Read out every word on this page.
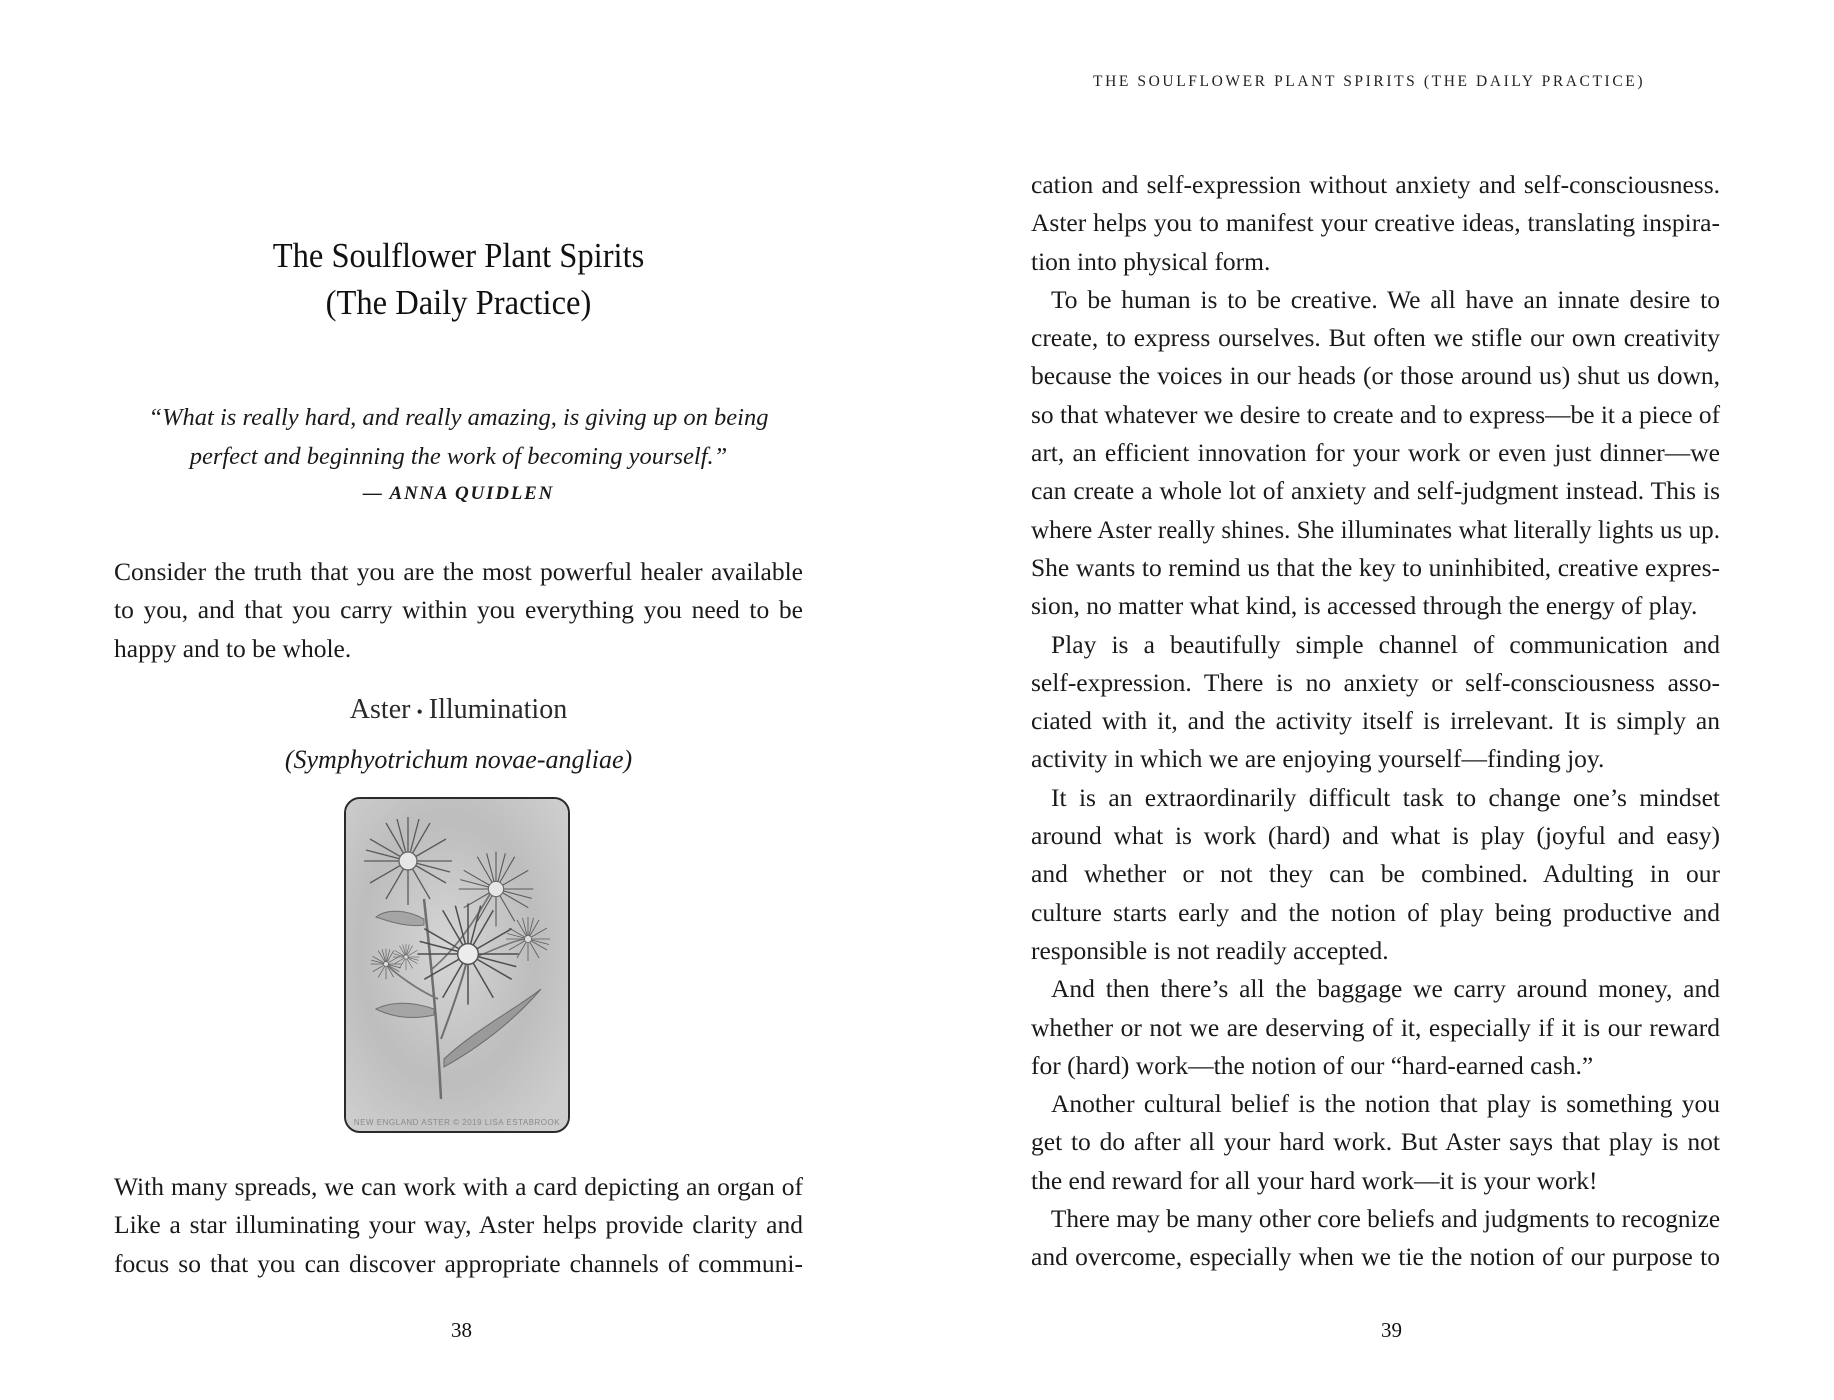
The Soulflower Plant Spirits
(The Daily Practice)
“What is really hard, and really amazing, is giving up on being
perfect and beginning the work of becoming yourself.”
— ANNA QUIDLEN
Consider the truth that you are the most powerful healer available
to you, and that you carry within you everything you need to be
happy and to be whole.
Aster • Illumination
(Symphyotrichum novae-angliae)
NEW ENGLAND ASTER © 2019 LISA ESTABROOK
With many spreads, we can work with a card depicting an organ of
Like a star illuminating your way, Aster helps provide clarity and
focus so that you can discover appropriate channels of communi-
38
THE SOULFLOWER PLANT SPIRITS (THE DAILY PRACTICE)
cation and self-expression without anxiety and self-consciousness.
Aster helps you to manifest your creative ideas, translating inspira-
tion into physical form.
To be human is to be creative. We all have an innate desire to
create, to express ourselves. But often we stifle our own creativity
because the voices in our heads (or those around us) shut us down,
so that whatever we desire to create and to express—be it a piece of
art, an efficient innovation for your work or even just dinner—we
can create a whole lot of anxiety and self-judgment instead. This is
where Aster really shines. She illuminates what literally lights us up.
She wants to remind us that the key to uninhibited, creative expres-
sion, no matter what kind, is accessed through the energy of play.
Play is a beautifully simple channel of communication and
self-expression. There is no anxiety or self-consciousness asso-
ciated with it, and the activity itself is irrelevant. It is simply an
activity in which we are enjoying yourself—finding joy.
It is an extraordinarily difficult task to change one’s mindset
around what is work (hard) and what is play (joyful and easy)
and whether or not they can be combined. Adulting in our
culture starts early and the notion of play being productive and
responsible is not readily accepted.
And then there’s all the baggage we carry around money, and
whether or not we are deserving of it, especially if it is our reward
for (hard) work—the notion of our “hard-earned cash.”
Another cultural belief is the notion that play is something you
get to do after all your hard work. But Aster says that play is not
the end reward for all your hard work—it is your work!
There may be many other core beliefs and judgments to recognize
and overcome, especially when we tie the notion of our purpose to
39
